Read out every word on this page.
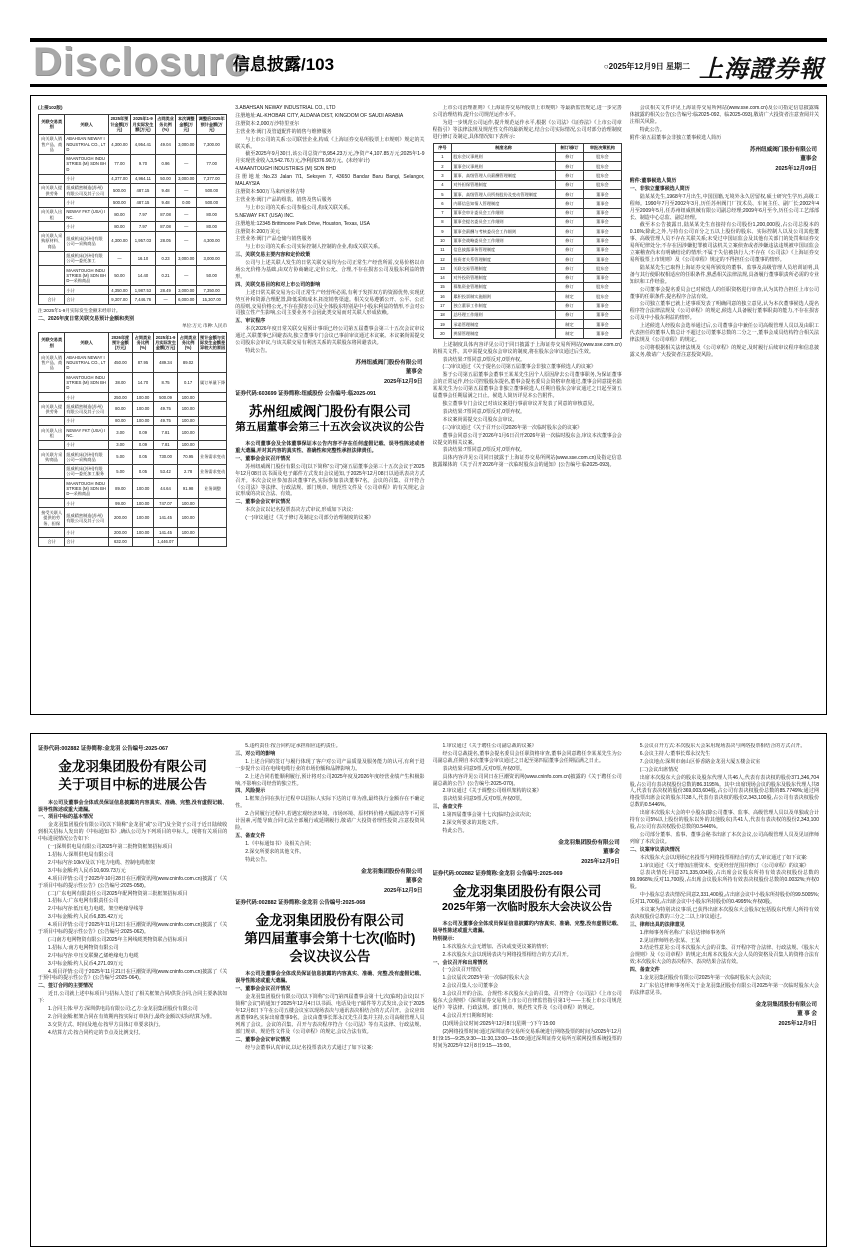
Disclosure
信息披露/103	○2025年12月9日 星期二 上海證券報

(上接102版)

关联交易类别	关联人	2025年预计金额(万元)	2025年1-9月实际发生额(万元)	占同类业务比例(%)	本次调整金额(万元)	调整后2025年预计金额(万元)
向关联人销售产品、商品	ABAHSAN NEWAY INDUSTRIAL CO., LTD	4,300.00	4,954.41	49.04	3,000.00	7,300.00
	MAANTOUGH INDUSTRIES (M) SDN BHD	77.00	9.70	0.96	—	77.00
	小计	4,377.00	4,964.11	50.00	3,000.00	7,377.00
向关联人提供劳务	纽威精密制造(苏州)有限公司及其子公司	500.00	487.15	9.48	—	500.00
	小计	500.00	487.15	9.48	0.00	500.00
向关联人出租	NEWAY FKT (USA) INC.	80.00	7.97	87.08	—	80.00
	小计	80.00	7.97	87.08	—	80.00
向关联人采购原材料、商品	纽威机床(苏州)有限公司—采购商品	4,300.00	1,957.03	28.05	—	4,300.00
	纽威机床(苏州)有限公司—委托加工	—	16.10	0.23	3,000.00	3,000.00
	MAANTOUGH INDUSTRIES (M) SDN BHD—采购商品	50.00	14.40	0.21	—	50.00
	小计	4,350.00	1,987.53	28.49	3,000.00	7,350.00
合计	合计	9,307.00	7,446.76	—	6,000.00	15,307.00

注:2025年1-9月实际发生金额未经审计。

二、2026年度日常关联交易预计金额和类别

单位:万元 币种:人民币

关联交易类别	关联人	2026年度预计金额(万元)	占同类业务比例(%)	2025年1-9月实际发生金额(万元)	占同类业务比例(%)	预计金额与实际发生金额差异较大的原因
向关联人销售产品、商品	ABAHSAN NEWAY INDUSTRIAL CO., LTD	450.00	87.95	489.34	89.02	
	MAANTOUGH INDUSTRIES (M) SDN BHD	38.00	14.70	8.75	0.17	属订单量下降
	小计	250.00	100.00	500.09	100.00	
向关联人提供劳务	纽威精密制造(苏州)有限公司及其子公司	80.00	100.00	49.75	100.00	
	小计	80.00	100.00	49.75	100.00	
向关联人出租	NEWAY FKT (USA) INC.	3.00	0.09	7.81	100.00	
	小计	3.00	0.09	7.81	100.00	
向关联方采购商品	纽威机床(苏州)有限公司—采购商品	5.00	0.05	730.00	70.95	业务需求变动
	纽威机床(苏州)有限公司—委托加工服务	5.00	0.05	53.42	2.78	业务需求变动
	MAANTOUGH INDUSTRIES (M) SDN BHD—采购商品	89.00	100.00	44.64	91.98	业务调整
	小计	99.00	100.00	747.07	100.00	
接受关联人提供的劳务、担保	纽威精密制造(苏州)有限公司及其子公司	200.00	100.00	141.45	100.00	
	小计	200.00	100.00	141.45	100.00	
合计	合计	632.00		1,446.07		

3.ABAHSAN NEWAY INDUSTRIAL CO., LTD

注册地址:AL-KHOBAR CITY, ALDANA DIST, KINGDOM OF SAUDI ARABIA

注册资本:2,000万沙特里亚尔

主营业务:阀门及管道配件的销售与维修服务

与上市公司的关系:公司联营企业,构成《上海证券交易所股票上市规则》规定的关联关系。

截至2025年9月30日,该公司总资产8,954.23万元,净资产4,107.85万元;2025年1-9月实现营业收入3,542.76万元,净利润376.90万元。(未经审计)

4.MAANTOUGH INDUSTRIES (M) SDN BHD

注册地址:No.23 Jalan 7/1, Seksyen 7, 43650 Bandar Baru Bangi, Selangor, MALAYSIA

注册资本:500万马来西亚林吉特

主营业务:阀门产品的组装、销售及售后服务

与上市公司的关系:公司参股公司,构成关联关系。

5.NEWAY FKT (USA) INC.

注册地址:12345 Brittmoore Park Drive, Houston, Texas, USA

注册资本:200万美元

主营业务:阀门产品仓储与销售服务

与上市公司的关系:公司实际控制人控制的企业,构成关联关系。

三、关联交易主要内容和定价政策

公司与上述关联人发生的日常关联交易均为公司正常生产经营所需,交易价格以市场公允价格为基础,由双方协商确定,定价公允、合理,不存在损害公司及股东利益的情形。

四、关联交易目的和对上市公司的影响

上述日常关联交易为公司正常生产经营所必需,有利于发挥双方的资源优势,实现优势互补和资源合理配置,降低采购成本,拓宽销售渠道。相关交易遵循公开、公平、公正的原则,交易价格公允,不存在损害公司及全体股东特别是中小股东利益的情形,不会对公司独立性产生影响,公司主要业务不会因此类交易而对关联人形成依赖。

五、审议程序

本次2026年度日常关联交易预计事项已经公司第五届董事会第三十五次会议审议通过,关联董事已回避表决,独立董事专门会议已事前审议通过本议案。本议案尚需提交公司股东会审议,与该关联交易有利害关系的关联股东将回避表决。

特此公告。

苏州纽威阀门股份有限公司
董事会
2025年12月9日

证券代码:603699 证券简称:纽威股份 公告编号:临2025-091

苏州纽威阀门股份有限公司
第五届董事会第三十五次会议决议的公告

本公司董事会及全体董事保证本公告内容不存在任何虚假记载、误导性陈述或者重大遗漏,并对其内容的真实性、准确性和完整性承担法律责任。

一、董事会会议召开情况

苏州纽威阀门股份有限公司(以下简称“公司”)第五届董事会第三十五次会议于2025年12月08日以书面及电子邮件方式发出会议通知,于2025年12月08日以通讯表决方式召开。本次会议应参加表决董事7名,实际参加表决董事7名。会议的召集、召开符合《公司法》等法律、行政法规、部门规章、规范性文件及《公司章程》的有关规定,会议形成的决议合法、有效。

二、董事会会议审议情况

本次会议以记名投票表决方式审议,形成如下决议:

(一)审议通过《关于修订及制定公司部分治理制度的议案》

上市公司治理准则》《上海证券交易所股票上市规则》等最新监管规定,进一步完善公司治理结构,提升公司规范运作水平。

为进一步规范公司运作,提升规范运作水平,根据《公司法》《证券法》《上市公司章程指引》等法律法规及规范性文件的最新规定,结合公司实际情况,公司对部分治理制度进行修订及制定,具体情况如下表所示:

序号	制度名称	制订/修订	审批决策机构
1	股东会议事规则	修订	股东会
2	董事会议事规则	修订	股东会
3	董事、高级管理人员薪酬管理制度	修订	股东会
4	对外担保管理制度	修订	股东会
5	董事、高级管理人员所持股份及变动管理制度	修订	董事会
6	内幕信息知情人管理制度	修订	董事会
7	董事会审计委员会工作细则	修订	董事会
8	董事会提名委员会工作细则	修订	董事会
9	董事会薪酬与考核委员会工作细则	修订	董事会
10	董事会战略委员会工作细则	修订	董事会
11	信息披露事务管理制度	修订	董事会
12	投资者关系管理制度	修订	董事会
13	关联交易管理制度	修订	股东会
14	对外投资管理制度	修订	董事会
15	募集资金管理制度	修订	股东会
16	累积投票制实施细则	制定	股东会
17	独立董事工作制度	修订	董事会
18	总经理工作细则	修订	董事会
19	承诺管理制度	制定	董事会
20	舆情管理制度	制定	董事会

上述制度具体内容详见公司于同日披露于上海证券交易所网站(www.sse.com.cn)的相关文件。其中需提交股东会审议的制度,将在股东会审议通过后生效。

表决结果:7票同意,0票反对,0票弃权。

(二)审议通过《关于提名公司第五届董事会非独立董事候选人的议案》

鉴于公司第五届董事会董事王某某先生因个人原因辞去公司董事职务,为保证董事会的正常运作,经公司控股股东提名,董事会提名委员会资格审查通过,董事会同意提名陆某某先生为公司第五届董事会非独立董事候选人,任期自股东会审议通过之日起至第五届董事会任期届满之日止。候选人简历详见本公告附件。

独立董事专门会议已对该议案进行事前审议并发表了同意的审核意见。

表决结果:7票同意,0票反对,0票弃权。

本议案尚需提交公司股东会审议。

(三)审议通过《关于召开公司2026年第一次临时股东会的议案》

董事会同意公司于2026年1月6日召开2026年第一次临时股东会,审议本次董事会会议提交的相关议案。

表决结果:7票同意,0票反对,0票弃权。

具体内容详见公司同日披露于上海证券交易所网站(www.sse.com.cn)及指定信息披露媒体的《关于召开2026年第一次临时股东会的通知》(公告编号:临2025-093)。

会议相关文件详见上海证券交易所网站(www.sse.com.cn)及公司指定信息披露媒体披露的相关公告(公告编号:临2025-092、临2025-093),敬请广大投资者注意查阅并关注相关风险。

特此公告。

附件:第五届董事会非独立董事候选人简历

苏州纽威阀门股份有限公司
董事会
2025年12月09日

附件:董事候选人简历

一、非独立董事候选人简历

陆某某先生,1968年7月出生,中国国籍,无境外永久居留权,硕士研究生学历,高级工程师。1990年7月至2002年3月,历任苏州阀门厂技术员、车间主任、副厂长;2002年4月至2009年5月,任苏州纽威机械有限公司副总经理;2009年6月至今,历任公司工艺部部长、制造中心总监、副总经理。

截至本公告披露日,陆某某先生直接持有公司股份1,200,000股,占公司总股本的0.16%;除此之外,与持有公司百分之五以上股份的股东、实际控制人以及公司其他董事、高级管理人员不存在关联关系;未受过中国证监会及其他有关部门的处罚和证券交易所纪律处分;不存在因涉嫌犯罪被司法机关立案侦查或者涉嫌违法违规被中国证监会立案稽查尚未有明确结论的情形;不属于失信被执行人;不存在《公司法》《上海证券交易所股票上市规则》及《公司章程》规定的不得担任公司董事的情形。

陆某某先生已取得上海证券交易所颁发的董事、监事及高级管理人员培训证明,具备与其行使职权相适应的任职条件,熟悉相关法律法规,具备履行董事职责所必需的专业知识和工作经验。

公司董事会提名委员会已对候选人的任职资格进行审查,认为其符合担任上市公司董事的任职条件,提名程序合法有效。

公司独立董事已就上述事项发表了明确同意的独立意见,认为本次董事候选人提名程序符合法律法规及《公司章程》的规定,候选人具备履行董事职责的能力,不存在损害公司及中小股东利益的情形。

上述候选人经股东会选举通过后,公司董事会中兼任公司高级管理人员以及由职工代表担任的董事人数总计不超过公司董事总数的二分之一,董事会成员结构符合相关法律法规及《公司章程》的规定。

公司将根据相关法律法规及《公司章程》的规定,及时履行后续审议程序和信息披露义务,敬请广大投资者注意投资风险。

证券代码:002882 证券简称:金龙羽 公告编号:2025-067

金龙羽集团股份有限公司
关于项目中标的进展公告

本公司及董事会全体成员保证信息披露的内容真实、准确、完整,没有虚假记载、误导性陈述或重大遗漏。

一、项目中标的基本情况

金龙羽集团股份有限公司(以下简称“金龙羽”或“公司”)及全资子公司于近日陆续收到相关招标人发出的《中标通知书》,确认公司为下列项目的中标人。现将有关项目的中标进展情况公告如下:

(一)深圳供电局有限公司2025年第二批物资框架招标项目

1.招标人:深圳供电局有限公司

2.中标内容:10kV及以下电力电缆、控制电缆框架

3.中标金额:约人民币10,609.73万元

4.项目详情:公司于2025年10月28日在巨潮资讯网(www.cninfo.com.cn)披露了《关于项目中标的提示性公告》(公告编号:2025-058)。

(二)广东电网有限责任公司2025年配网物资第三批框架招标项目

1.招标人:广东电网有限责任公司

2.中标内容:低压电力电缆、架空绝缘导线等

3.中标金额:约人民币6,835.42万元

4.项目详情:公司于2025年11月12日在巨潮资讯网(www.cninfo.com.cn)披露了《关于项目中标的提示性公告》(公告编号:2025-062)。

(三)南方电网物资有限公司2025年主网线缆类物资联合招标项目

1.招标人:南方电网物资有限公司

2.中标内容:中压交联聚乙烯绝缘电力电缆

3.中标金额:约人民币4,271.09万元

4.项目详情:公司于2025年11月21日在巨潮资讯网(www.cninfo.com.cn)披露了《关于预中标的提示性公告》(公告编号:2025-064)。

二、签订合同的主要情况

近日,公司就上述中标项目与招标人签订了相关框架合同/供货合同,合同主要条款如下:

1.合同主体:甲方:深圳供电局有限公司;乙方:金龙羽集团股份有限公司

2.合同金额:框架合同在有效期内按实际订单执行,最终金额以实际结算为准。

3.交货方式、时间及地点:按甲方具体订单要求执行。

4.结算方式:按合同约定的节点及比例支付。

5.违约责任:按合同约定承担相应违约责任。

三、对公司的影响

1.上述合同的签订与履行体现了客户对公司产品质量及服务能力的认可,有利于进一步提升公司在电线电缆行业的市场份额和品牌影响力。

2.上述合同若能顺利履行,预计将对公司2025年度及2026年度经营业绩产生积极影响,不影响公司经营的独立性。

四、风险提示

1.框架合同在执行过程中以招标人实际下达的订单为准,最终执行金额存在不确定性。

2.合同履行过程中,若遇宏观经济环境、市场环境、原材料价格大幅波动等不可预计因素,可能导致合同无法全部履行或延期履行,敬请广大投资者理性投资,注意投资风险。

五、备查文件

1.《中标通知书》及相关合同;

2.深交所要求的其他文件。

特此公告。

金龙羽集团股份有限公司
董事会
2025年12月9日

证券代码:002882 证券简称:金龙羽 公告编号:2025-068

金龙羽集团股份有限公司
第四届董事会第十七次(临时)
会议决议公告

本公司及董事会全体成员保证信息披露的内容真实、准确、完整,没有虚假记载、误导性陈述或重大遗漏。

一、董事会会议召开情况

金龙羽集团股份有限公司(以下简称“公司”)第四届董事会第十七次(临时)会议(以下简称“会议”)的通知于2025年12月4日以书面、电话及电子邮件等方式发出,会议于2025年12月8日下午在公司五楼会议室以现场表决与通讯表决相结合的方式召开。会议应出席董事9名,实际出席董事9名。会议由董事长郑永汉先生召集并主持,公司高级管理人员列席了会议。会议的召集、召开与表决程序符合《公司法》等有关法律、行政法规、部门规章、规范性文件及《公司章程》的规定,会议合法有效。

二、董事会会议审议情况

经与会董事认真审议,以记名投票表决方式通过了如下议案:

1.审议通过《关于聘任公司副总裁的议案》

经公司总裁提名,董事会提名委员会任职资格审查,董事会同意聘任李某某先生为公司副总裁,任期自本次董事会审议通过之日起至第四届董事会任期届满之日止。

表决结果:同意9票,反对0票,弃权0票。

具体内容详见公司同日在巨潮资讯网(www.cninfo.com.cn)披露的《关于聘任公司副总裁的公告》(公告编号:2025-070)。

2.审议通过《关于调整公司组织架构的议案》

表决结果:同意9票,反对0票,弃权0票。

三、备查文件

1.第四届董事会第十七次(临时)会议决议;

2.深交所要求的其他文件。

特此公告。

金龙羽集团股份有限公司
董事会
2025年12月9日

证券代码:002882 证券简称:金龙羽 公告编号:2025-069

金龙羽集团股份有限公司
2025年第一次临时股东大会决议公告

本公司及董事会全体成员保证信息披露的内容真实、准确、完整,没有虚假记载、误导性陈述或重大遗漏。

特别提示:

1.本次股东大会无增加、否决或变更议案的情形;

2.本次股东大会以现场表决与网络投票相结合的方式召开。

一、会议召开和出席情况

(一)会议召开情况

1.会议届次:2025年第一次临时股东大会

2.会议召集人:公司董事会

3.会议召开的合法、合规性:本次股东大会的召集、召开符合《公司法》《上市公司股东大会规则》《深圳证券交易所上市公司自律监管指引第1号——主板上市公司规范运作》等法律、行政法规、部门规章、规范性文件及《公司章程》的规定。

4.会议召开日期和时间:

(1)现场会议时间:2025年12月8日(星期一)下午15:00

(2)网络投票时间:通过深圳证券交易所交易系统进行网络投票的时间为2025年12月8日9:15—9:25,9:30—11:30,13:00—15:00;通过深圳证券交易所互联网投票系统投票的时间为2025年12月8日9:15—15:00。

5.会议召开方式:本次股东大会采用现场表决与网络投票相结合的方式召开。

6.会议主持人:董事长郑永汉先生

7.会议地点:深圳市南山区侨香路金龙羽大厦五楼会议室

(二)会议出席情况

出席本次股东大会的股东及股东代理人共46人,代表有表决权的股份371,346,704股,占公司有表决权股份总数的86.3195%。其中:出席现场会议的股东及股东代理人共8人,代表有表决权的股份369,003,604股,占公司有表决权股份总数的85.7749%;通过网络投票出席会议的股东共38人,代表有表决权的股份2,343,100股,占公司有表决权股份总数的0.5446%。

出席本次股东大会的中小股东(除公司董事、监事、高级管理人员以及单独或合计持有公司5%以上股份的股东以外的其他股东)共41人,代表有表决权的股份2,343,100股,占公司有表决权股份总数的0.5446%。

公司部分董事、监事、董事会秘书出席了本次会议,公司高级管理人员及见证律师列席了本次会议。

二、议案审议表决情况

本次股东大会以现场记名投票与网络投票相结合的方式,审议通过了如下议案:

1.审议通过《关于增加注册资本、变更经营范围并修订〈公司章程〉的议案》

总表决情况:同意371,335,004股,占出席会议股东所持有效表决权股份总数的99.9968%;反对11,700股,占出席会议股东所持有效表决权股份总数的0.0032%;弃权0股。

中小股东总表决情况:同意2,331,400股,占出席会议中小股东所持股份的99.5005%;反对11,700股,占出席会议中小股东所持股份的0.4995%;弃权0股。

本议案为特别决议事项,已获得出席本次股东大会股东(包括股东代理人)所持有效表决权股份总数的三分之二以上审议通过。

三、律师出具的法律意见

1.律师事务所名称:广东信达律师事务所

2.见证律师姓名:张某、王某

3.结论性意见:公司本次股东大会的召集、召开程序符合法律、行政法规、《股东大会规则》及《公司章程》的规定;出席本次股东大会人员的资格及召集人的资格合法有效;本次股东大会的表决程序、表决结果合法有效。

四、备查文件

1.金龙羽集团股份有限公司2025年第一次临时股东大会决议;

2.广东信达律师事务所关于金龙羽集团股份有限公司2025年第一次临时股东大会的法律意见书。

金龙羽集团股份有限公司
董 事 会
2025年12月9日
